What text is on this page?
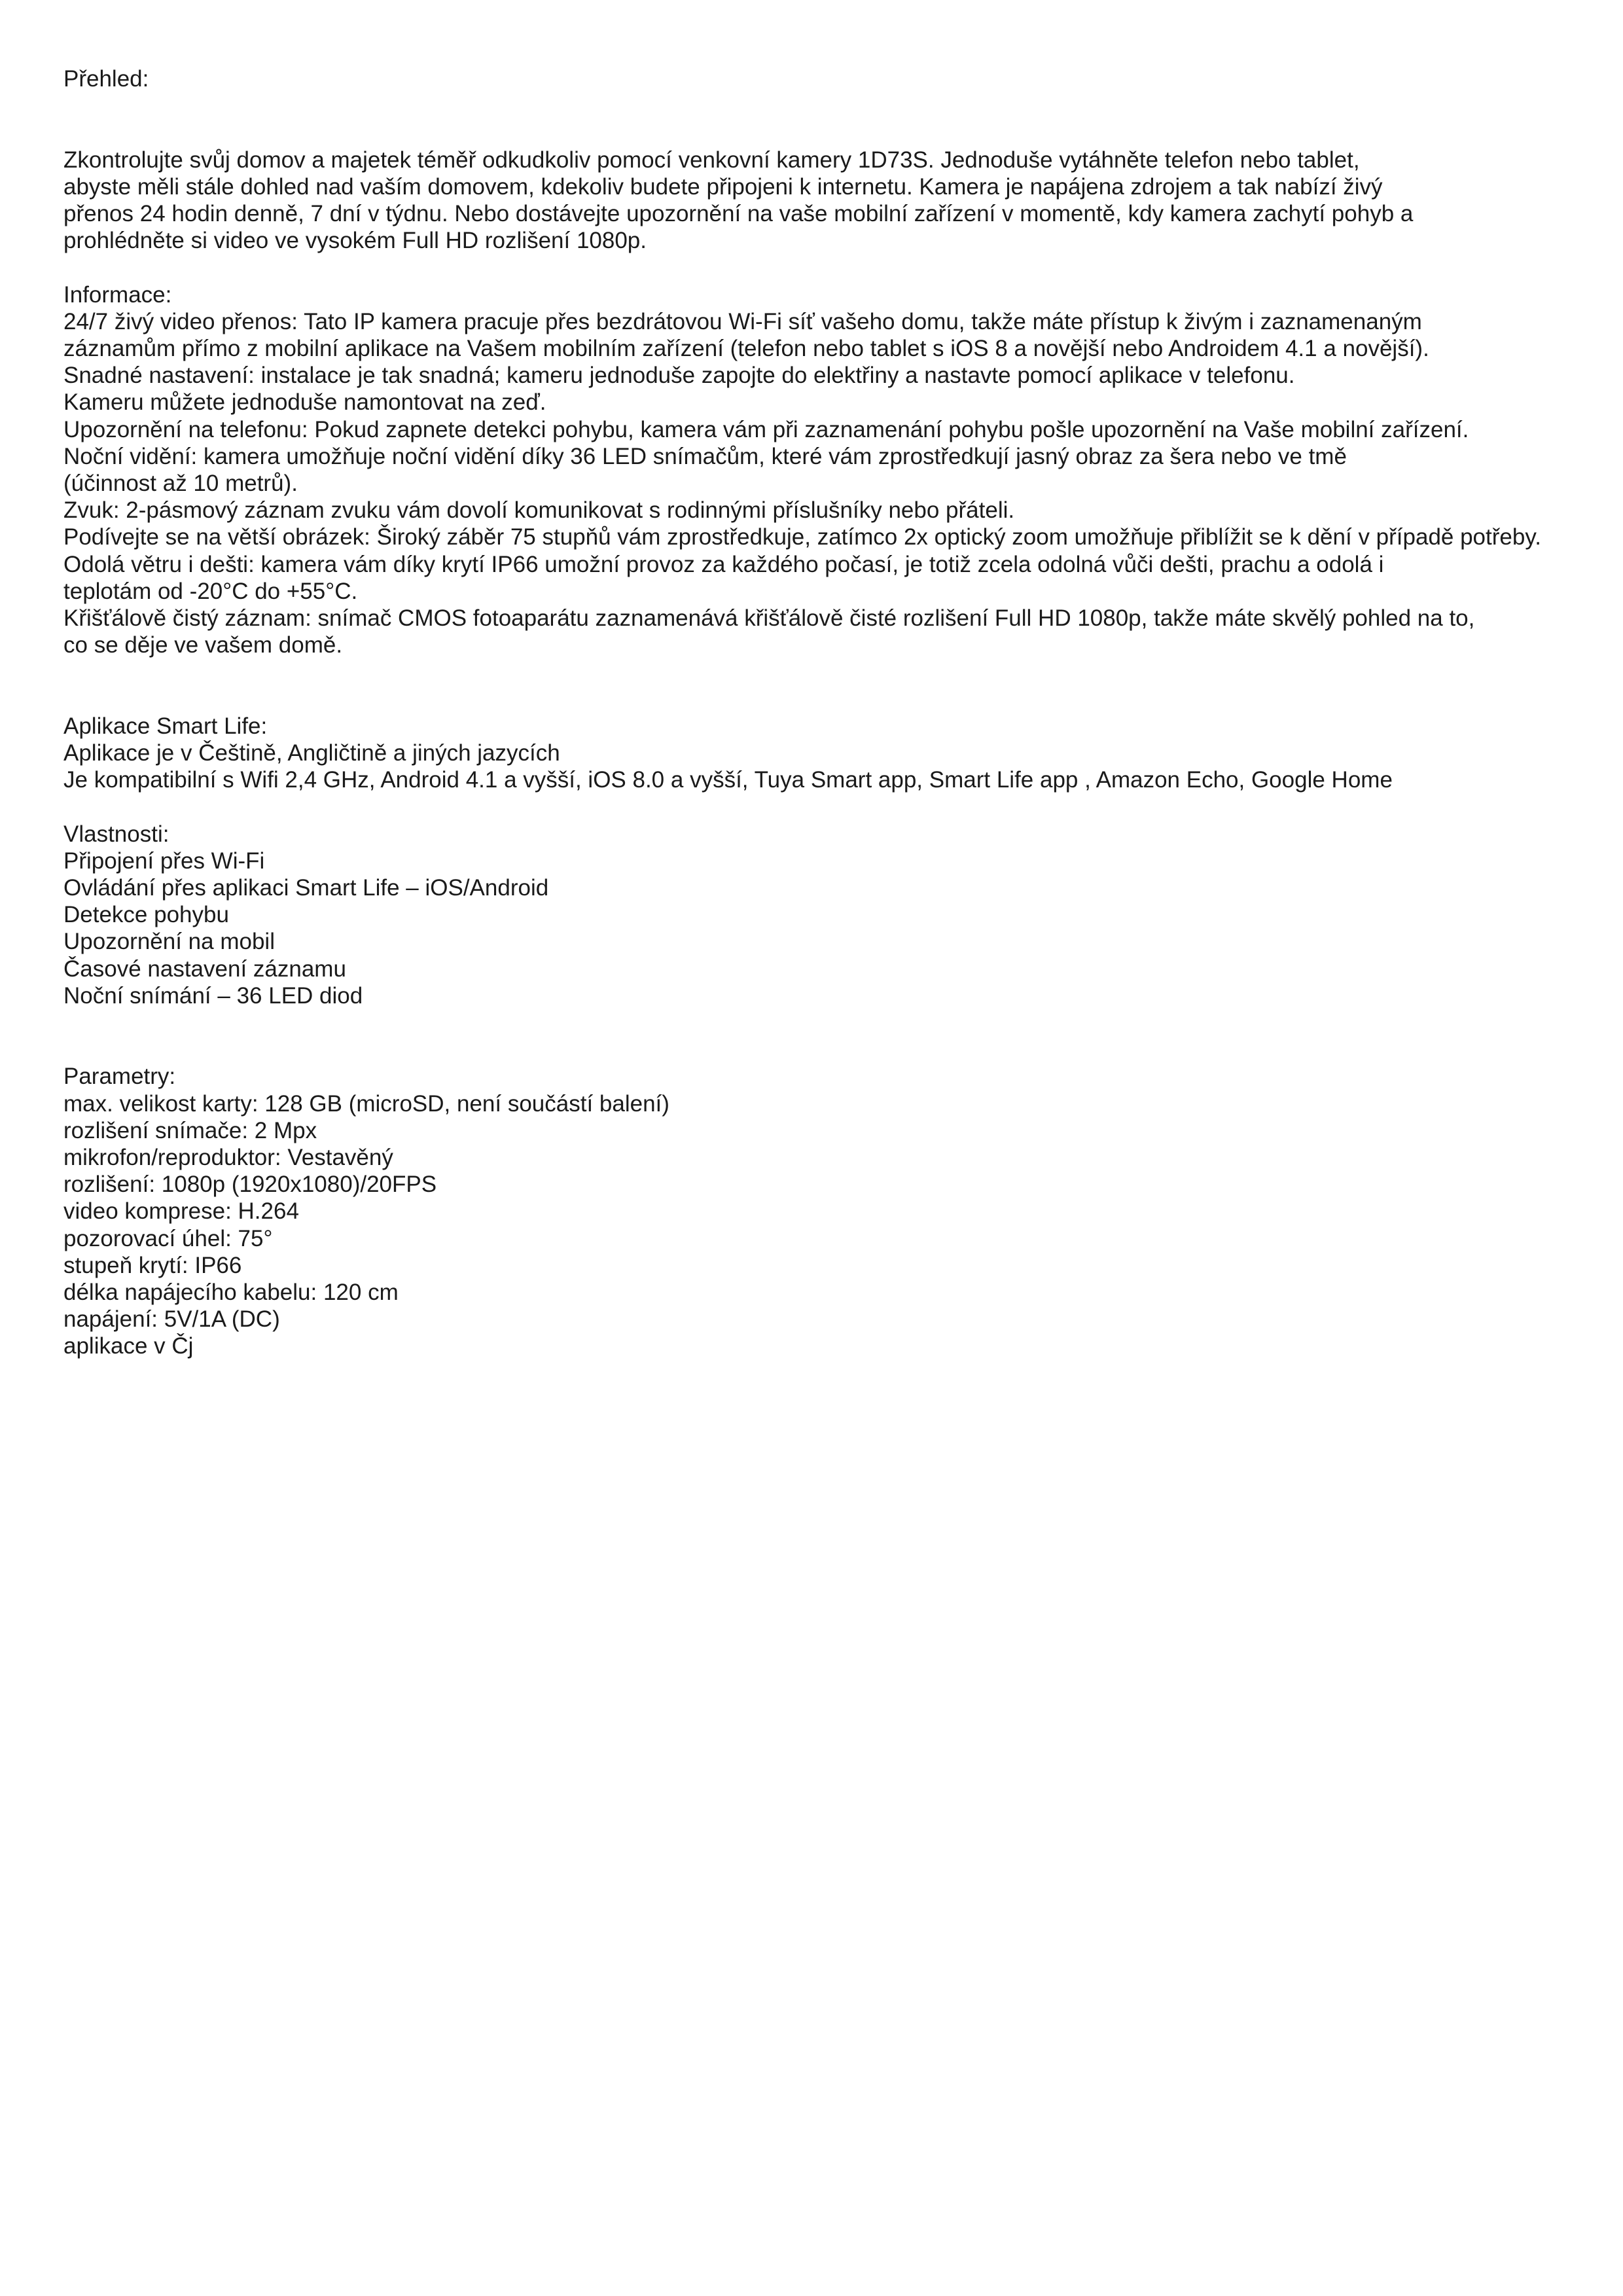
Přehled:
Zkontrolujte svůj domov a majetek téměř odkudkoliv pomocí venkovní kamery 1D73S. Jednoduše vytáhněte telefon nebo tablet,
abyste měli stále dohled nad vaším domovem, kdekoliv budete připojeni k internetu. Kamera je napájena zdrojem a tak nabízí živý
přenos 24 hodin denně, 7 dní v týdnu. Nebo dostávejte upozornění na vaše mobilní zařízení v momentě, kdy kamera zachytí pohyb a
prohlédněte si video ve vysokém Full HD rozlišení 1080p.
Informace:
24/7 živý video přenos: Tato IP kamera pracuje přes bezdrátovou Wi-Fi síť vašeho domu, takže máte přístup k živým i zaznamenaným
záznamům přímo z mobilní aplikace na Vašem mobilním zařízení (telefon nebo tablet s iOS 8 a novější nebo Androidem 4.1 a novější).
Snadné nastavení: instalace je tak snadná; kameru jednoduše zapojte do elektřiny a nastavte pomocí aplikace v telefonu.
Kameru můžete jednoduše namontovat na zeď.
Upozornění na telefonu: Pokud zapnete detekci pohybu, kamera vám při zaznamenání pohybu pošle upozornění na Vaše mobilní zařízení.
Noční vidění: kamera umožňuje noční vidění díky 36 LED snímačům, které vám zprostředkují jasný obraz za šera nebo ve tmě
(účinnost až 10 metrů).
Zvuk: 2-pásmový záznam zvuku vám dovolí komunikovat s rodinnými příslušníky nebo přáteli.
Podívejte se na větší obrázek: Široký záběr 75 stupňů vám zprostředkuje, zatímco 2x optický zoom umožňuje přiblížit se k dění v případě potřeby.
Odolá větru i dešti: kamera vám díky krytí IP66 umožní provoz za každého počasí, je totiž zcela odolná vůči dešti, prachu a odolá i
teplotám od -20°C do +55°C.
Křišťálově čistý záznam: snímač CMOS fotoaparátu zaznamenává křišťálově čisté rozlišení Full HD 1080p, takže máte skvělý pohled na to,
co se děje ve vašem domě.
Aplikace Smart Life:
Aplikace je v Češtině, Angličtině a jiných jazycích
Je kompatibilní s Wifi 2,4 GHz, Android 4.1 a vyšší, iOS 8.0 a vyšší, Tuya Smart app, Smart Life app , Amazon Echo, Google Home
Vlastnosti:
Připojení přes Wi-Fi
Ovládání přes aplikaci Smart Life – iOS/Android
Detekce pohybu
Upozornění na mobil
Časové nastavení záznamu
Noční snímání – 36 LED diod
Parametry:
max. velikost karty: 128 GB (microSD, není součástí balení)
rozlišení snímače: 2 Mpx
mikrofon/reproduktor: Vestavěný
rozlišení: 1080p (1920x1080)/20FPS
video komprese: H.264
pozorovací úhel: 75°
stupeň krytí: IP66
délka napájecího kabelu: 120 cm
napájení: 5V/1A (DC)
aplikace v Čj
